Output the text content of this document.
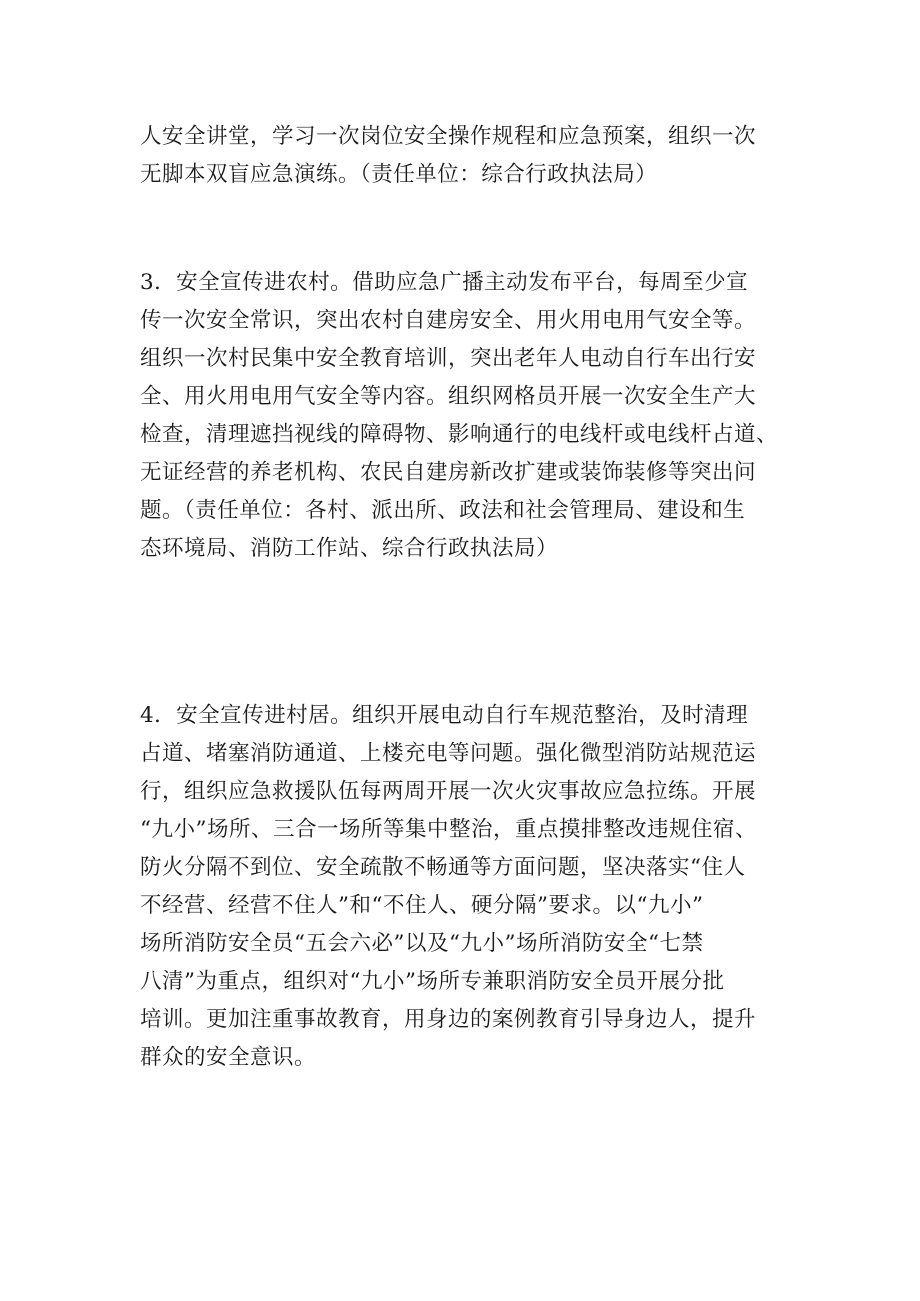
人安全讲堂，学习一次岗位安全操作规程和应急预案，组织一次
无脚本双盲应急演练。（责任单位：综合行政执法局）

3．安全宣传进农村。借助应急广播主动发布平台，每周至少宣
传一次安全常识，突出农村自建房安全、用火用电用气安全等。
组织一次村民集中安全教育培训，突出老年人电动自行车出行安
全、用火用电用气安全等内容。组织网格员开展一次安全生产大
检查，清理遮挡视线的障碍物、影响通行的电线杆或电线杆占道、
无证经营的养老机构、农民自建房新改扩建或装饰装修等突出问
题。（责任单位：各村、派出所、政法和社会管理局、建设和生
态环境局、消防工作站、综合行政执法局）

4．安全宣传进村居。组织开展电动自行车规范整治，及时清理
占道、堵塞消防通道、上楼充电等问题。强化微型消防站规范运
行，组织应急救援队伍每两周开展一次火灾事故应急拉练。开展
“九小”场所、三合一场所等集中整治，重点摸排整改违规住宿、
防火分隔不到位、安全疏散不畅通等方面问题，坚决落实“住人
不经营、经营不住人”和“不住人、硬分隔”要求。以“九小”
场所消防安全员“五会六必”以及“九小”场所消防安全“七禁
八清”为重点，组织对“九小”场所专兼职消防安全员开展分批
培训。更加注重事故教育，用身边的案例教育引导身边人，提升
群众的安全意识。
